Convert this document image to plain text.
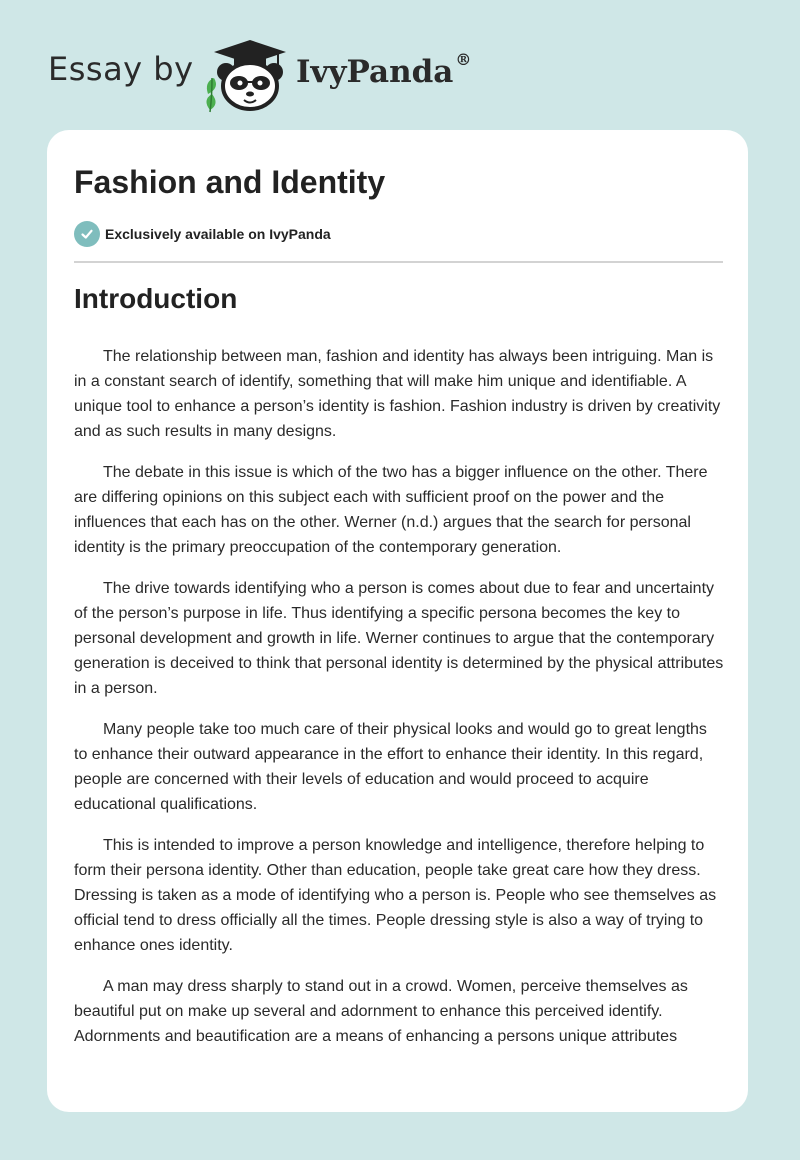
Essay by	IvyPanda ®
Fashion and Identity
Exclusively available on IvyPanda
Introduction

The relationship between man, fashion and identity has always been intriguing. Man is in a constant search of identify, something that will make him unique and identifiable. A unique tool to enhance a person’s identity is fashion. Fashion industry is driven by creativity and as such results in many designs.

The debate in this issue is which of the two has a bigger influence on the other. There are differing opinions on this subject each with sufficient proof on the power and the influences that each has on the other. Werner (n.d.) argues that the search for personal identity is the primary preoccupation of the contemporary generation.

The drive towards identifying who a person is comes about due to fear and uncertainty of the person’s purpose in life. Thus identifying a specific persona becomes the key to personal development and growth in life. Werner continues to argue that the contemporary generation is deceived to think that personal identity is determined by the physical attributes in a person.

Many people take too much care of their physical looks and would go to great lengths to enhance their outward appearance in the effort to enhance their identity. In this regard, people are concerned with their levels of education and would proceed to acquire educational qualifications.

This is intended to improve a person knowledge and intelligence, therefore helping to form their persona identity. Other than education, people take great care how they dress. Dressing is taken as a mode of identifying who a person is. People who see themselves as official tend to dress officially all the times. People dressing style is also a way of trying to enhance ones identity.

A man may dress sharply to stand out in a crowd. Women, perceive themselves as beautiful put on make up several and adornment to enhance this perceived identify. Adornments and beautification are a means of enhancing a persons unique attributes
